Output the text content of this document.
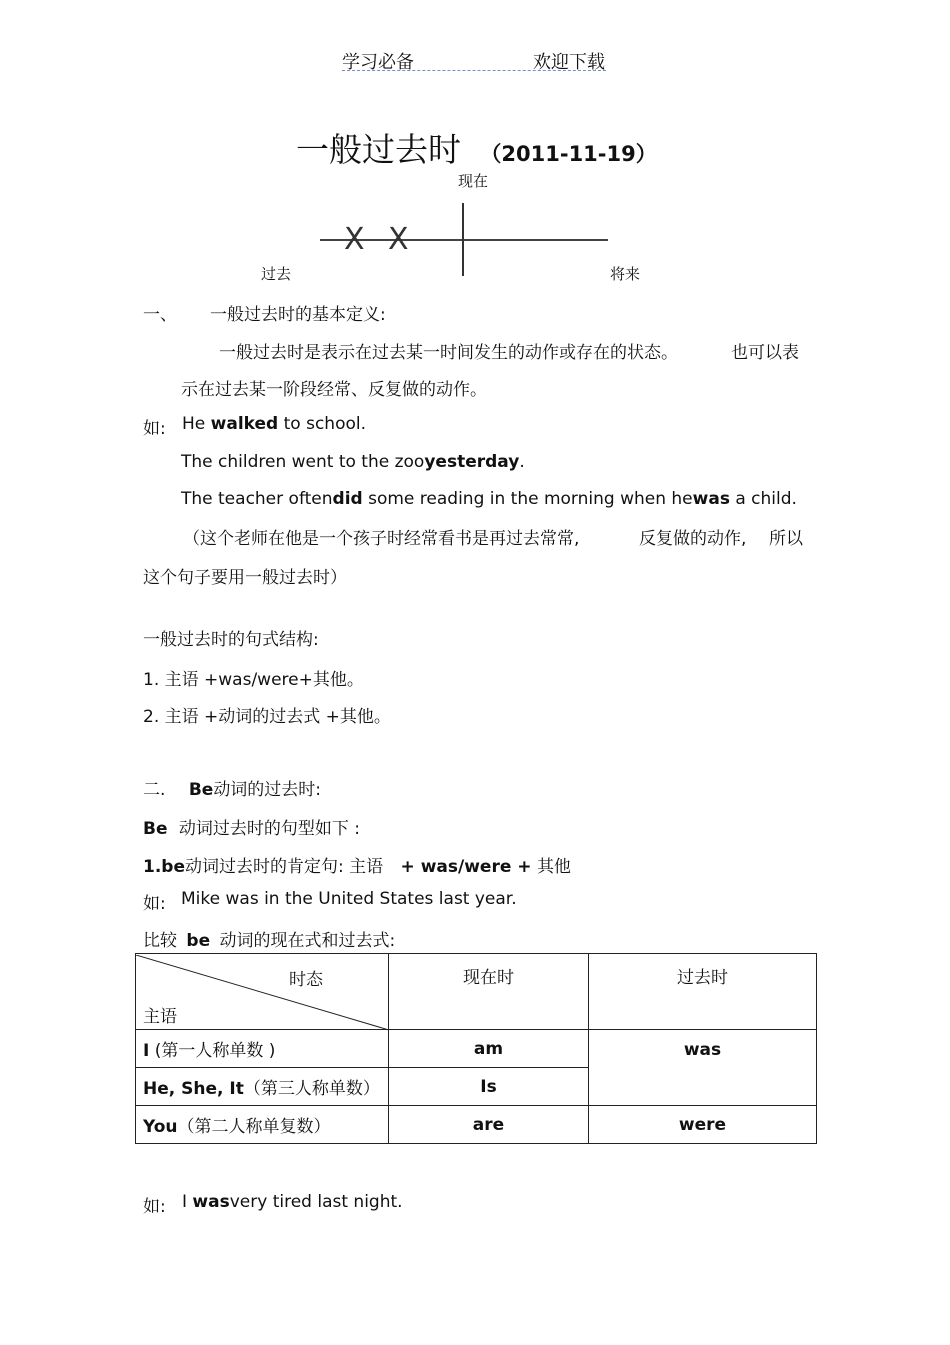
学习必备	欢迎下载
一般过去时 （2011-11-19）
现在
X X
过去	将来
一、 一般过去时的基本定义:
一般过去时是表示在过去某一时间发生的动作或存在的状态。	也可以表
示在过去某一阶段经常、反复做的动作。
如: He walked to school.
The children went to the zooyesterday.
The teacher oftendid some reading in the morning when hewas a child.
（这个老师在他是一个孩子时经常看书是再过去常常,	反复做的动作, 所以
这个句子要用一般过去时）
一般过去时的句式结构:
1. 主语 +was/were+其他。
2. 主语 +动词的过去式 +其他。
二. Be动词的过去时:
Be 动词过去时的句型如下 :
1.be动词过去时的肯定句: 主语 + was/were + 其他
如: Mike was in the United States last year.
比较 be 动词的现在式和过去式:
时态
主语	现在时	过去时
I (第一人称单数 )	am	was
He, She, It（第三人称单数）	Is	
You（第二人称单复数）	are	were
如: I wasvery tired last night.
